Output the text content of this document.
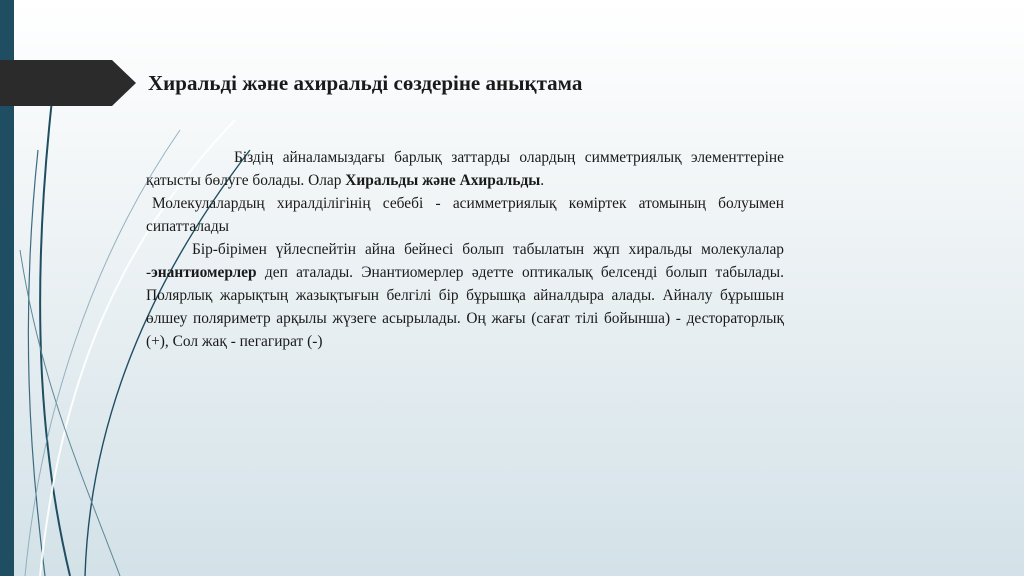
Хиральді және ахиральді сөздеріне анықтама

Біздің айналамыздағы барлық заттарды олардың симметриялық элементтеріне қатысты бөлуге болады. Олар Хиральды және Ахиральды.

Молекулалардың хиралділігінің себебі - асимметриялық көміртек атомының болуымен сипатталады

Бір-бірімен үйлеспейтін айна бейнесі болып табылатын жұп хиральды молекулалар -энантиомерлер деп аталады. Энантиомерлер әдетте оптикалық белсенді болып табылады. Полярлық жарықтың жазықтығын белгілі бір бұрышқа айналдыра алады. Айналу бұрышын өлшеу поляриметр арқылы жүзеге асырылады. Оң жағы (сағат тілі бойынша) - десторатор​лық (+), Сол жақ - пегагират (-)
